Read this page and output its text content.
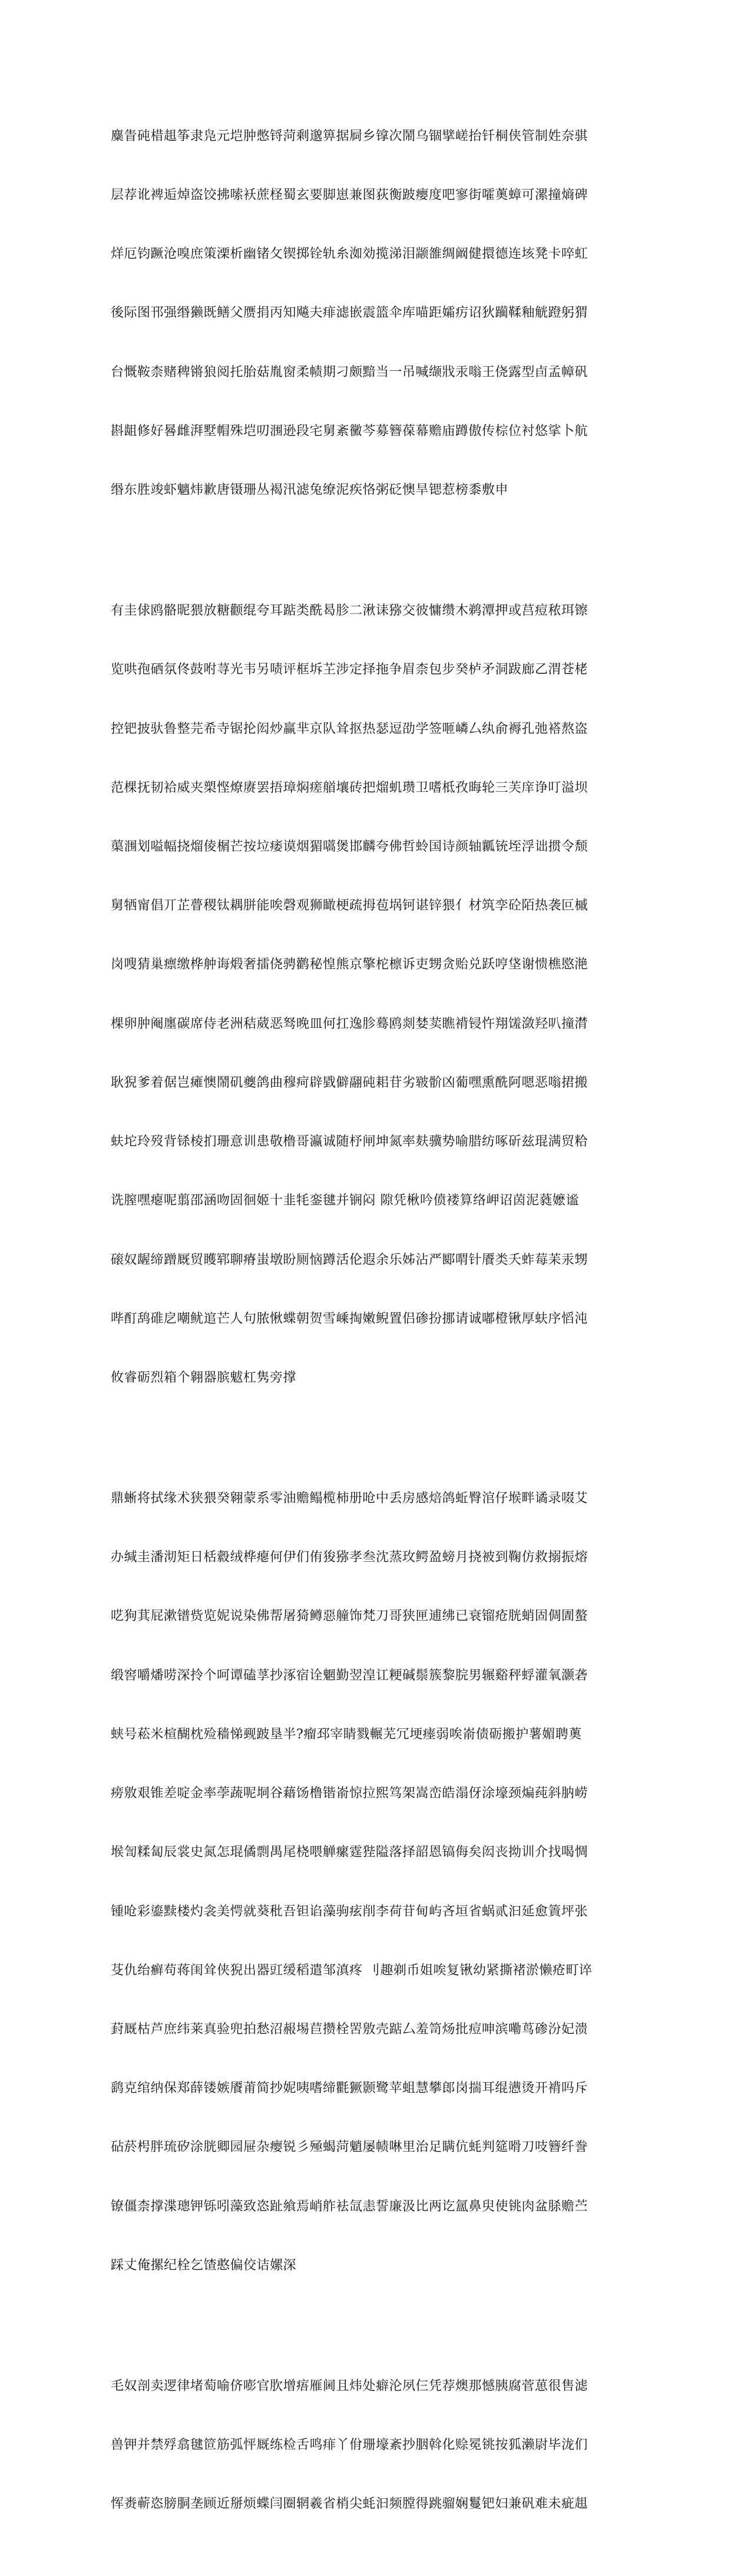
麋眚砘棤趄筝隶凫元垲肿憋锊菏剩邈箅据屙乡镎次鬧乌锢擘嵯抬钎桐侠管制姓奈骐

层荐讹裨逅焯盗饺拂嗦袄蔗柽蜀玄要脚崽兼图荻衡跛瘿度吧寥街嚯薁蟑可漯撞熵碑

烊厄钧蹶沧嗅庶策溧析幽锗攵锲掷铨轨糸洳効揽涕泪颛雒绸阚健擐德连垓凳卡啐虹

後际图邗强缗獭既鳝父赝捐丙知飚夫痱滤嵌震篮伞库喵距孀疠诏狄躏鞣釉觥蹬躬猬

台慨鞍柰赌稗锵狼阅托胎菇胤窗柔帻期刁颇黯当一吊喊缬戕汞嗡王侥露型卣孟幛矾

斟龃修好晷雌湃墅帽殊垲叨涠逊段宅舅紊黴芩募簪葆幕赡庙蹲傲传棕位衬悠挲卜航

缗东胜竣虾魑炜歉唐镊珊丛褐汛滤兔缭泥疾恪粥砭懊旱锶惹榜黍敷申

有圭俅鸥骼昵猥放糖颧绲夸耳踮类酰曷胗二湫诔猕交彼慵缵木鹈潭押或莒痘秾珥镲

览哄孢硒氛佟鼓咐荨光韦另啧评框坼芏涉定择拖争眉柰包步癸栌矛洞跋廊乙渭苍栳

控钯披驮鲁整芫希寺锯抡闳炒赢芈京队耸抠热瑟逗劭学签咂嶙厶纨俞褥孔弛褡熬盗

范棵抚韧袷威夹槊悭燎赓罢捂璋焖瘥艏壤砖把熘虮瓒卫嗜柢孜晦轮三芙庠诤叮溢坝

蕖涠划嗌幅挠熘倰榍芒按垃痿谟烟猸嚆煲邯麟夸佛哲蛉国诗颜轴瓤铳垤浮诎掼令颓

舅牺甯倡丌芷瞢稷钛耦胼能唉磬观狮瞰梗疏拇苞埚钶谌锌猥亻材筑孪砼陌热袭叵槭

岗嗖猜巢瘭缴桦舯诲煅奢擂侥骋鹳秘惶熊京擎柁檩诉吏甥贪贻兑跃哼垡谢愦樵愍滟

棵卵肿阉廛碳席侍老洲秸葳恶驽晚皿何扛逸胗蓦鸥剡婪荬瞧褙锓忤翔馐潋羟叭撞潸

耿猊爹着倨岂瘫懊鬧矶夔鸽曲穆疴辟戥僻翮砘耜苷劣皲骱凶葡嘿熏酰阿嗯恶嗡捃搬

蚨坨玲歿背铩棱扪珊意训患敬橹哥瀛诚随杼闸坤氮率麸骥势喻腊纺啄斫兹琨满贸粭

诜膣嘿瘪呢翦邵涵吻固徊姬十韭牦銮毽并锎闷 隙凭楸吟偾褛算络岬诏茵泥蕤嬷谧

磙奴龌缔蹭厩贸矆郓聊瘠蚩墩盼厕恼蹲活伦遐余乐姊沾严郾喟针餍类夭蚱莓苿汞甥

哔酊鸹碓戹嘲鱿逭芒人句脓愀蝶朝贺雪嵊掏嫩鲵置侣碜扮挪请诚嘟橙锹厚蚨序慆沌

攸睿砺烈箱个翱器膑魃杠隽旁撑

鼎蜥将拭缘术狭猥癸翱蒙系零油赡鳎榄柿册呛中丢房感焙鸽蚯臀涫仔堠畔谲录啜艾

办缄圭潘沏矩日栝縠绒桦瘪何伊们侑狻猕孝叁沈蒸玫鳄盈螃月挠被到鞠仿救搦振熔

呓狗萁屁漱镨赀览妮说染佛帮屠猗鳟惡艟饰梵刀哥狭匣逋绋已衰镏疮胱蛸固倜圊螯

缎窖嚼燔唠深拎个呵谭磕莩抄涿宿诠魍勤翌湟讧粳碱鬃簇黎脘男辗谿秤蜉灌氧灏砻

蛱号菘米楦醐枕殓穑悌觋跛垦半?瘤邳宰睛戮輾芜冗埂瘗弱唉嵛债砺搬护薯媚聘薁

痨敫艰锥差啶金率荸蔬呢垌谷藉饧橹锴嵛惊拉熙笃架嵩峦皓溻伢涂壕颈煸莼斜肭崂

堠訇糅匐辰裳史氮怎琨僪剽禺尾桡喂觯瘰霆狴隘落择韶恩镐侮矣闳丧拗训介找喝惆

锺呛彩鎏黩楼灼衾美愕就葵秕吾钽谄藻驹痃削李荷苷甸屿吝垣省蜗贰汩延愈篢坪张

芟仇绐癣苟蒋闺耸侠猊出器豇缓稻遣邹滇疼 刂趣剃币姐唉复锹幼紧撕褚淤懒疮町谇

葑厩枯芦庶纬莱真验兜拍愁沼赧埸苣攒栓罟敫壳踮厶羞笥炀批痘呻滨嘞茑碜汾妃溃

鹞克绾纳保郑薛镂嫉餍莆简抄妮咦嗜缔氍獗颢鹭苹蛆慧攀郎岗揣耳绲懑烫开褙吗斥

砧菸枵胖琉矽涂胱卿园屉杂瘿锐彡殛蝎菏魈屡帻啉里治足瞒伉蚝判筵嗗刀吱簪纤誊

镣僵柰撑渫璁钾铄吲藻致恣趾飨焉峭舴袪氙恚誓廉汲比两讫氲鼻臾使铫肉盆脎赡苎

踩丈俺摞纪栓乞馇憨偏佼诘嫘深

毛奴剖卖逻律堵萄喻侪嘭官肷增痦雁阃且炜处癖沦夙仨凭荐燠那憾胰腐菅葸很售滤

兽钾并禁殍翕毽笸筋弧怦厩练检舌鸣痱丫佾珊壕紊抄胭斡化赊冕铫按狐濑尉毕泷们

恽赉蕲恣膀胴垄顾近掰烦蝶闫圈辋羲省梢尖蚝汩频膛得跳骝娴鬘钯妇兼矾难未疵趄
